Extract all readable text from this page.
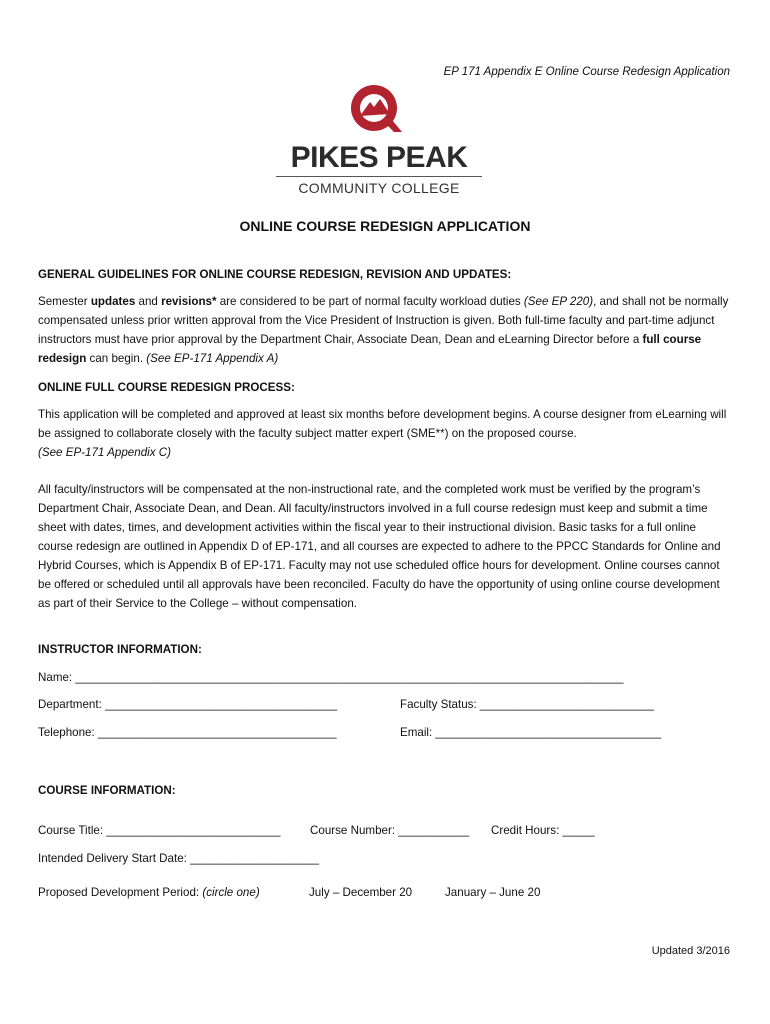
EP 171 Appendix E Online Course Redesign Application
PIKES PEAK
COMMUNITY COLLEGE
ONLINE COURSE REDESIGN APPLICATION
GENERAL GUIDELINES FOR ONLINE COURSE REDESIGN, REVISION AND UPDATES:

Semester updates and revisions* are considered to be part of normal faculty workload duties (See EP 220), and shall not be normally compensated unless prior written approval from the Vice President of Instruction is given. Both full-time faculty and part-time adjunct instructors must have prior approval by the Department Chair, Associate Dean, Dean and eLearning Director before a full course redesign can begin. (See EP-171 Appendix A)

ONLINE FULL COURSE REDESIGN PROCESS:

This application will be completed and approved at least six months before development begins. A course designer from eLearning will be assigned to collaborate closely with the faculty subject matter expert (SME**) on the proposed course.
(See EP-171 Appendix C)

All faculty/instructors will be compensated at the non-instructional rate, and the completed work must be verified by the program’s Department Chair, Associate Dean, and Dean. All faculty/instructors involved in a full course redesign must keep and submit a time sheet with dates, times, and development activities within the fiscal year to their instructional division. Basic tasks for a full online course redesign are outlined in Appendix D of EP-171, and all courses are expected to adhere to the PPCC Standards for Online and Hybrid Courses, which is Appendix B of EP-171. Faculty may not use scheduled office hours for development. Online courses cannot be offered or scheduled until all approvals have been reconciled. Faculty do have the opportunity of using online course development as part of their Service to the College – without compensation.

INSTRUCTOR INFORMATION:
Name: _____________________________________________________________________________________
Department: ____________________________________	Faculty Status: ___________________________
Telephone: _____________________________________	Email: ___________________________________
COURSE INFORMATION:
Course Title: ___________________________	Course Number: ___________ Credit Hours: _____
Intended Delivery Start Date: ____________________
Proposed Development Period: (circle one)	July – December 20	January – June 20
Updated 3/2016
